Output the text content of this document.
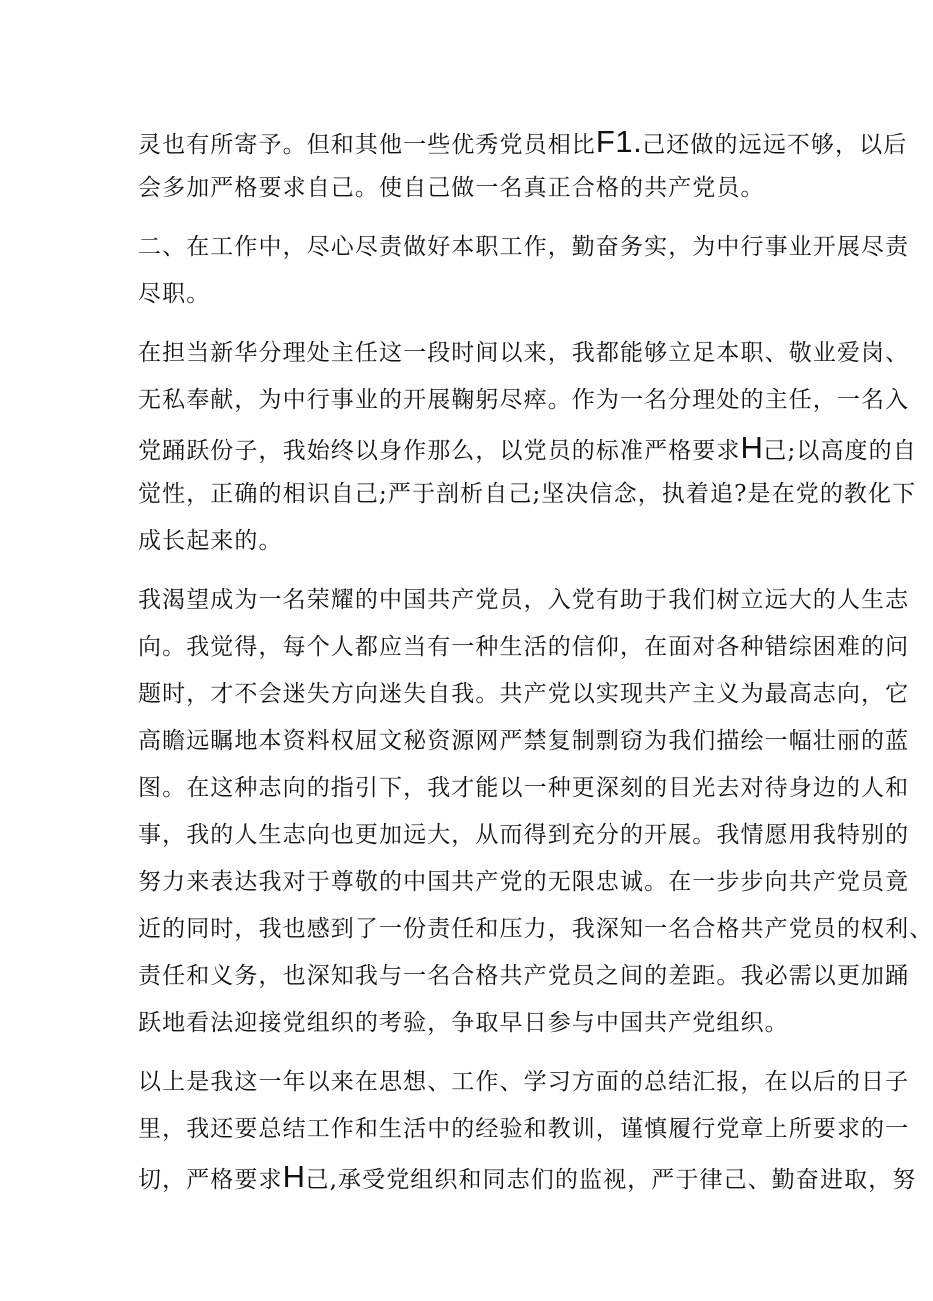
灵也有所寄予。但和其他一些优秀党员相比F1.己还做的远远不够，以后
会多加严格要求自己。使自己做一名真正合格的共产党员。
二、在工作中，尽心尽责做好本职工作，勤奋务实，为中行事业开展尽责
尽职。
在担当新华分理处主任这一段时间以来，我都能够立足本职、敬业爱岗、
无私奉献，为中行事业的开展鞠躬尽瘁。作为一名分理处的主任，一名入
党踊跃份子，我始终以身作那么，以党员的标准严格要求H己;以高度的自
觉性，正确的相识自己;严于剖析自己;坚决信念，执着追?是在党的教化下
成长起来的。
我渴望成为一名荣耀的中国共产党员，入党有助于我们树立远大的人生志
向。我觉得，每个人都应当有一种生活的信仰，在面对各种错综困难的问
题时，才不会迷失方向迷失自我。共产党以实现共产主义为最高志向，它
高瞻远瞩地本资料权屈文秘资源网严禁复制剽窃为我们描绘一幅壮丽的蓝
图。在这种志向的指引下，我才能以一种更深刻的目光去对待身边的人和
事，我的人生志向也更加远大，从而得到充分的开展。我情愿用我特别的
努力来表达我对于尊敬的中国共产党的无限忠诚。在一步步向共产党员竟
近的同时，我也感到了一份责任和压力，我深知一名合格共产党员的权利、
责任和义务，也深知我与一名合格共产党员之间的差距。我必需以更加踊
跃地看法迎接党组织的考验，争取早日参与中国共产党组织。
以上是我这一年以来在思想、工作、学习方面的总结汇报，在以后的日子
里，我还要总结工作和生活中的经验和教训，谨慎履行党章上所要求的一
切，严格要求H己,承受党组织和同志们的监视，严于律己、勤奋进取，努
